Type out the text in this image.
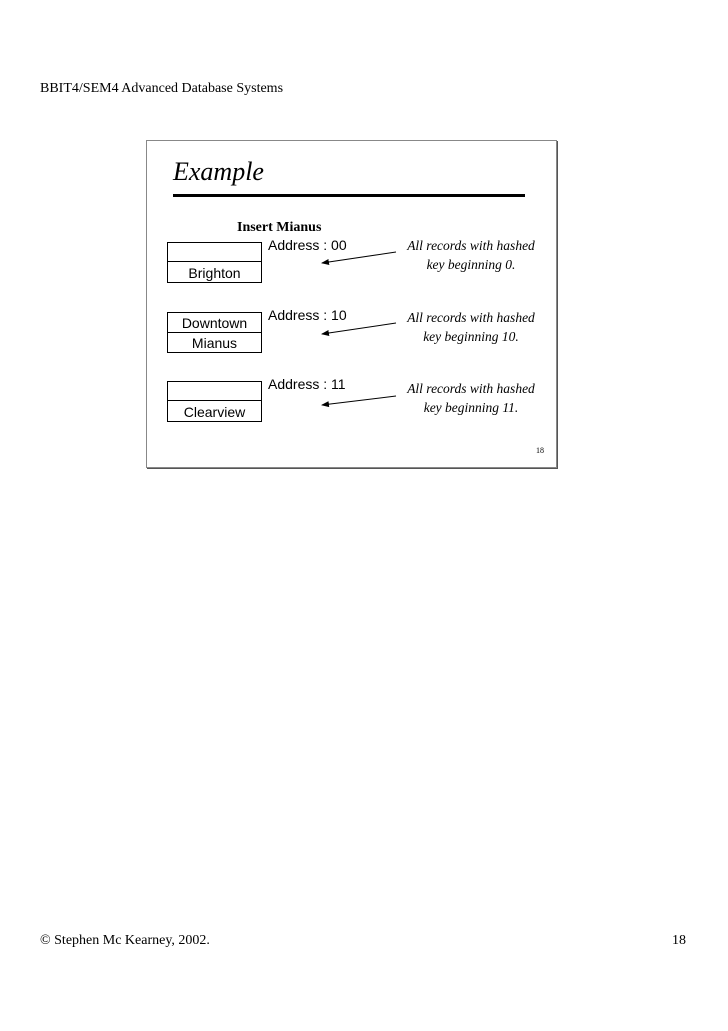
BBIT4/SEM4 Advanced Database Systems
Example
Insert Mianus
Brighton
Address : 00	All records with hashed
key beginning 0.
Downtown
Mianus
Address : 10	All records with hashed
key beginning 10.
Clearview
Address : 11	All records with hashed
key beginning 11.
18
© Stephen Mc Kearney, 2002.	18
